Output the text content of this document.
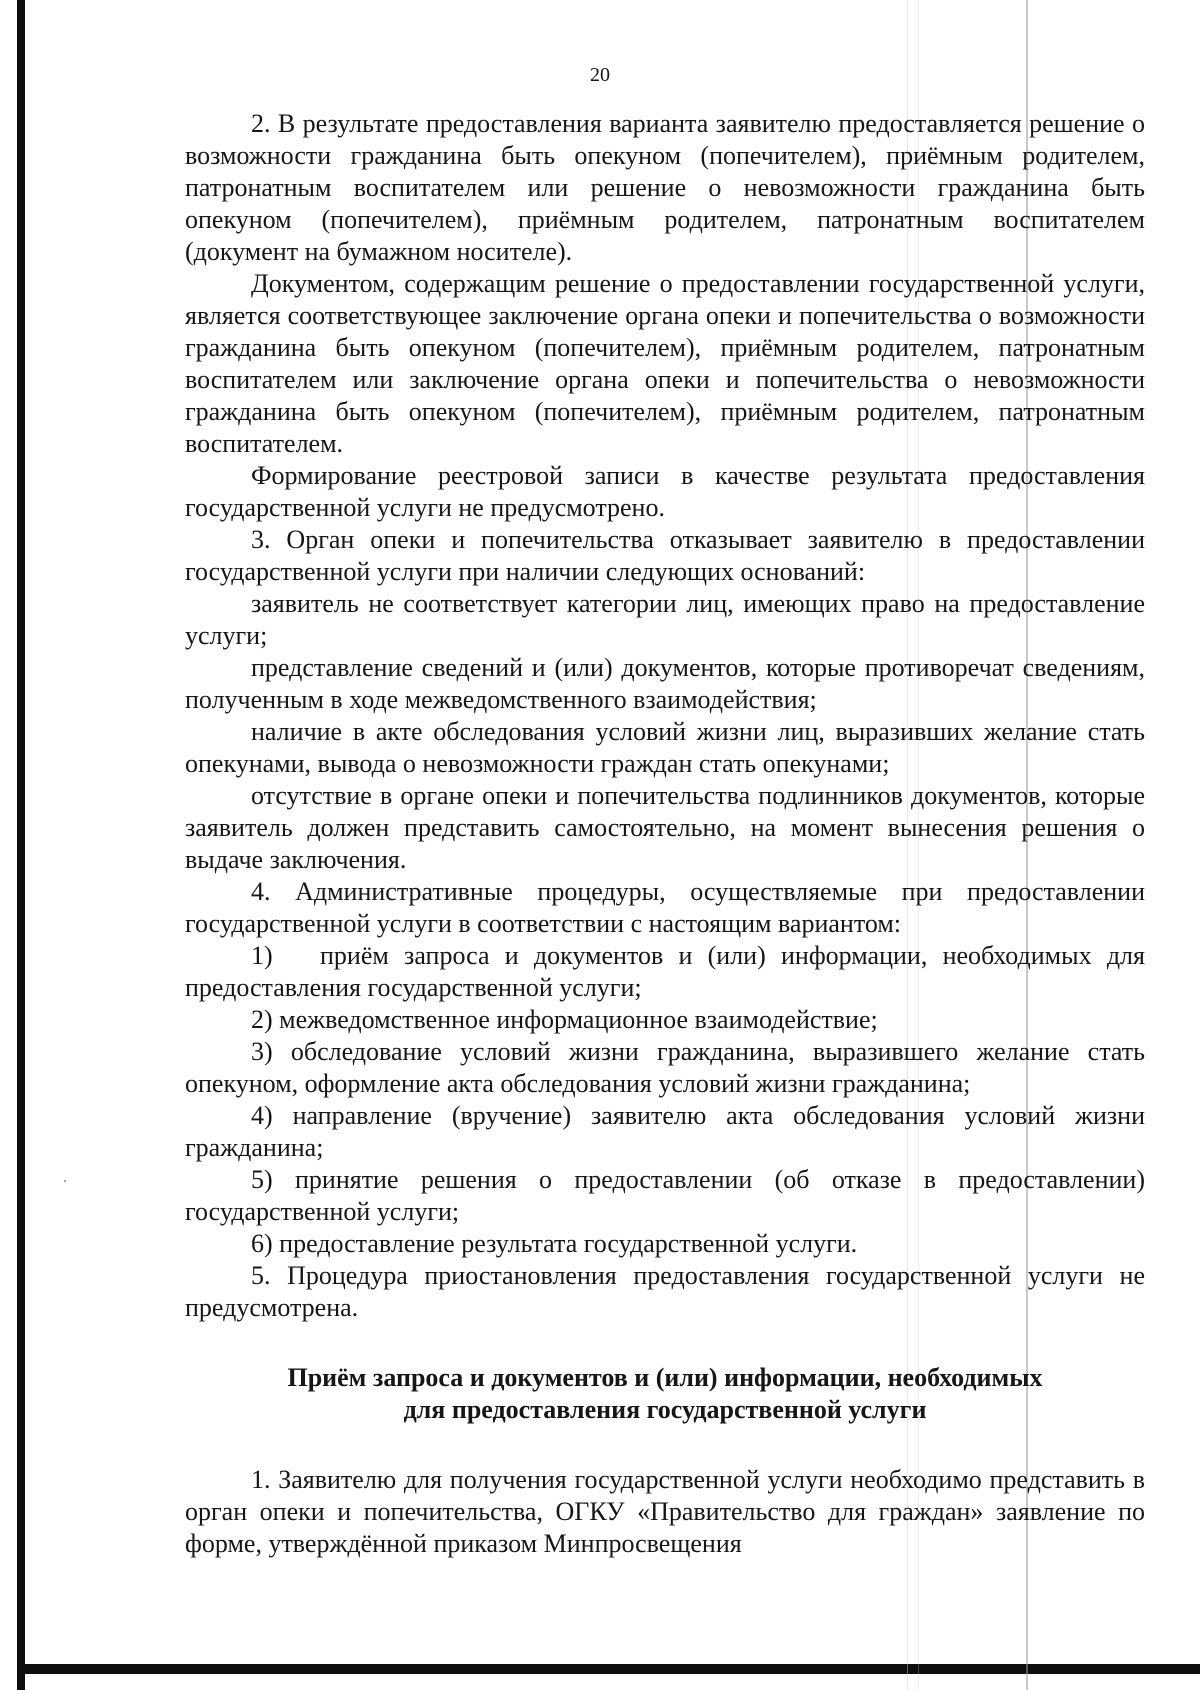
20

2. В результате предоставления варианта заявителю предоставляется решение о возможности гражданина быть опекуном (попечителем), приёмным родителем, патронатным воспитателем или решение о невозможности гражданина быть опекуном (попечителем), приёмным родителем, патронатным воспитателем (документ на бумажном носителе).

Документом, содержащим решение о предоставлении государственной услуги, является соответствующее заключение органа опеки и попечительства о возможности гражданина быть опекуном (попечителем), приёмным родителем, патронатным воспитателем или заключение органа опеки и попечительства о невозможности гражданина быть опекуном (попечителем), приёмным родителем, патронатным воспитателем.

Формирование реестровой записи в качестве результата предоставления государственной услуги не предусмотрено.

3. Орган опеки и попечительства отказывает заявителю в предоставлении государственной услуги при наличии следующих оснований:

заявитель не соответствует категории лиц, имеющих право на предоставление услуги;

представление сведений и (или) документов, которые противоречат сведениям, полученным в ходе межведомственного взаимодействия;

наличие в акте обследования условий жизни лиц, выразивших желание стать опекунами, вывода о невозможности граждан стать опекунами;

отсутствие в органе опеки и попечительства подлинников документов, которые заявитель должен представить самостоятельно, на момент вынесения решения о выдаче заключения.

4. Административные процедуры, осуществляемые при предоставлении государственной услуги в соответствии с настоящим вариантом:

1) приём запроса и документов и (или) информации, необходимых для предоставления государственной услуги;

2) межведомственное информационное взаимодействие;

3) обследование условий жизни гражданина, выразившего желание стать опекуном, оформление акта обследования условий жизни гражданина;

4) направление (вручение) заявителю акта обследования условий жизни гражданина;

5) принятие решения о предоставлении (об отказе в предоставлении) государственной услуги;

6) предоставление результата государственной услуги.

5. Процедура приостановления предоставления государственной услуги не предусмотрена.

Приём запроса и документов и (или) информации, необходимых
для предоставления государственной услуги

1. Заявителю для получения государственной услуги необходимо представить в орган опеки и попечительства, ОГКУ «Правительство для граждан» заявление по форме, утверждённой приказом Минпросвещения
